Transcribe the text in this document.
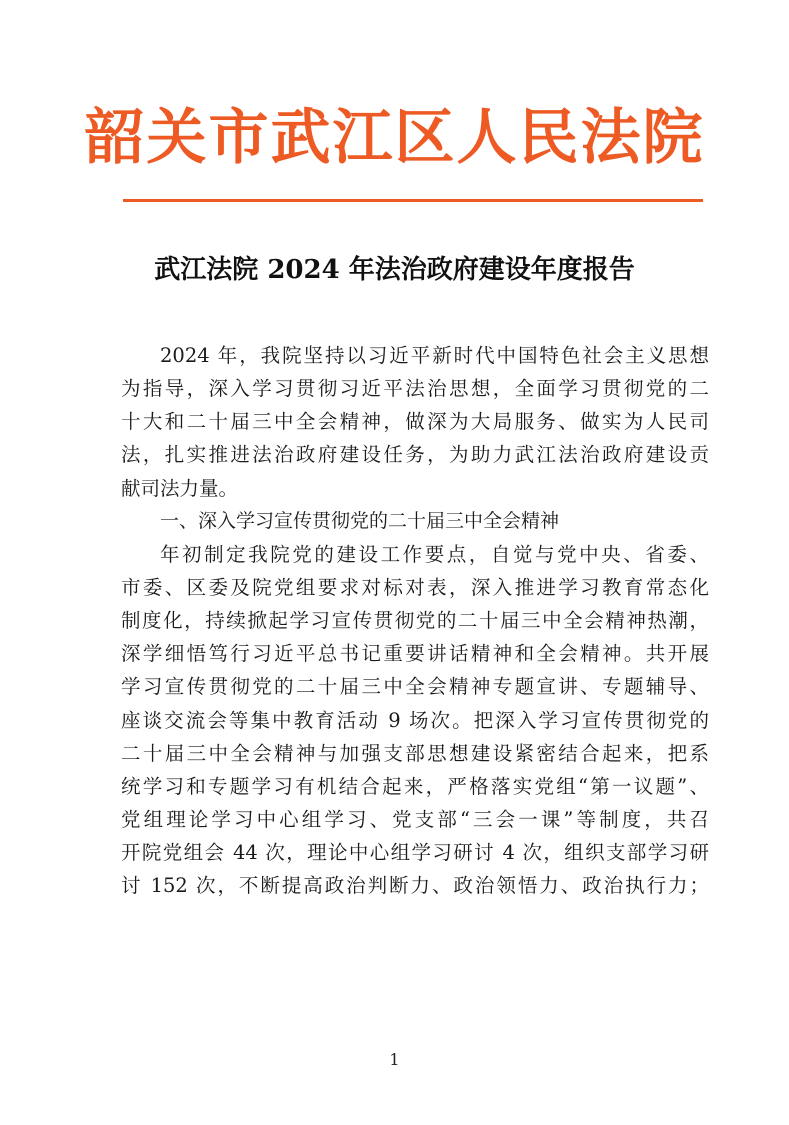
韶关市武江区人民法院
武江法院 2024 年法治政府建设年度报告
2024 年，我院坚持以习近平新时代中国特色社会主义思想
为指导，深入学习贯彻习近平法治思想，全面学习贯彻党的二
十大和二十届三中全会精神，做深为大局服务、做实为人民司
法，扎实推进法治政府建设任务，为助力武江法治政府建设贡
献司法力量。
一、深入学习宣传贯彻党的二十届三中全会精神
年初制定我院党的建设工作要点，自觉与党中央、省委、
市委、区委及院党组要求对标对表，深入推进学习教育常态化
制度化，持续掀起学习宣传贯彻党的二十届三中全会精神热潮，
深学细悟笃行习近平总书记重要讲话精神和全会精神。共开展
学习宣传贯彻党的二十届三中全会精神专题宣讲、专题辅导、
座谈交流会等集中教育活动 9 场次。把深入学习宣传贯彻党的
二十届三中全会精神与加强支部思想建设紧密结合起来，把系
统学习和专题学习有机结合起来，严格落实党组“第一议题”、
党组理论学习中心组学习、党支部“三会一课”等制度，共召
开院党组会 44 次，理论中心组学习研讨 4 次，组织支部学习研
讨 152 次，不断提高政治判断力、政治领悟力、政治执行力；
1
